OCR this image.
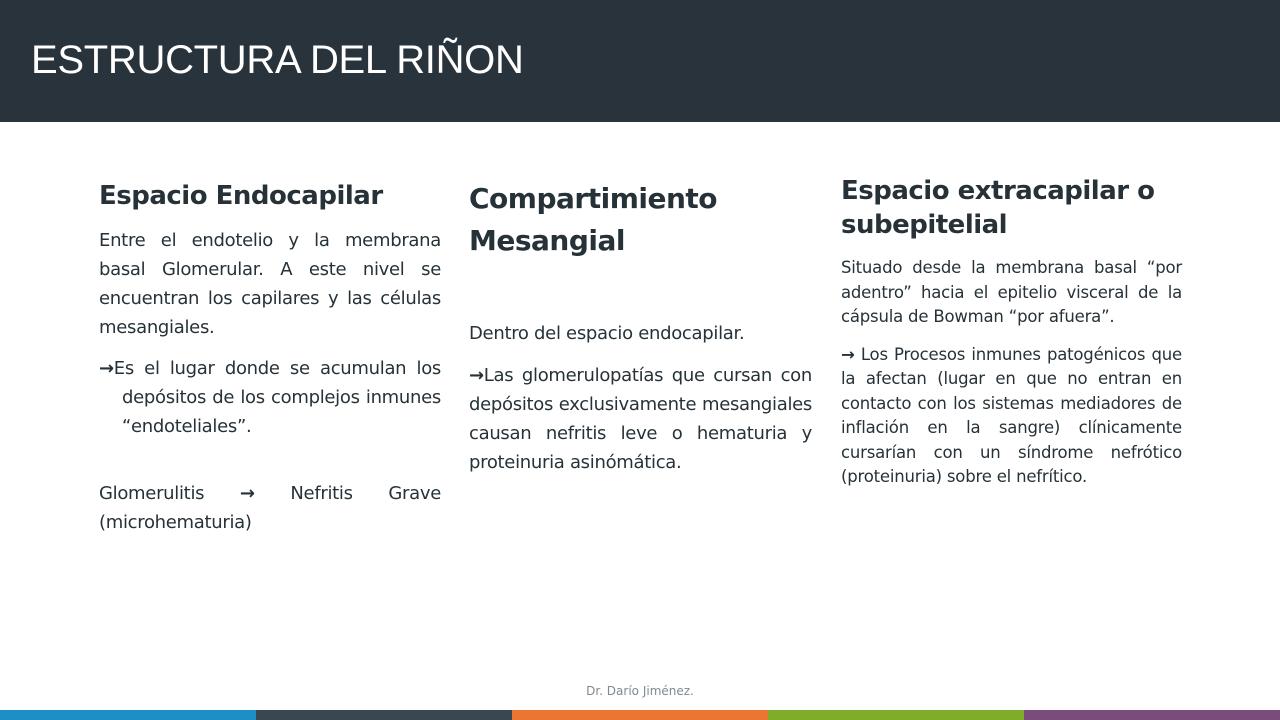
ESTRUCTURA DEL RIÑON
Espacio Endocapilar

Entre el endotelio y la membrana basal Glomerular. A este nivel se encuentran los capilares y las células mesangiales.

→Es el lugar donde se acumulan los depósitos de los complejos inmunes “endoteliales”.

Glomerulitis → Nefritis Grave (microhematuria)

Compartimiento Mesangial

Dentro del espacio endocapilar.

→Las glomerulopatías que cursan con depósitos exclusivamente mesangiales causan nefritis leve o hematuria y proteinuria asinómática.

Espacio extracapilar o subepitelial

Situado desde la membrana basal “por adentro” hacia el epitelio visceral de la cápsula de Bowman “por afuera”.

→ Los Procesos inmunes patogénicos que la afectan (lugar en que no entran en contacto con los sistemas mediadores de inflación en la sangre) clínicamente cursarían con un síndrome nefrótico (proteinuria) sobre el nefrítico.

Dr. Darío Jiménez.
